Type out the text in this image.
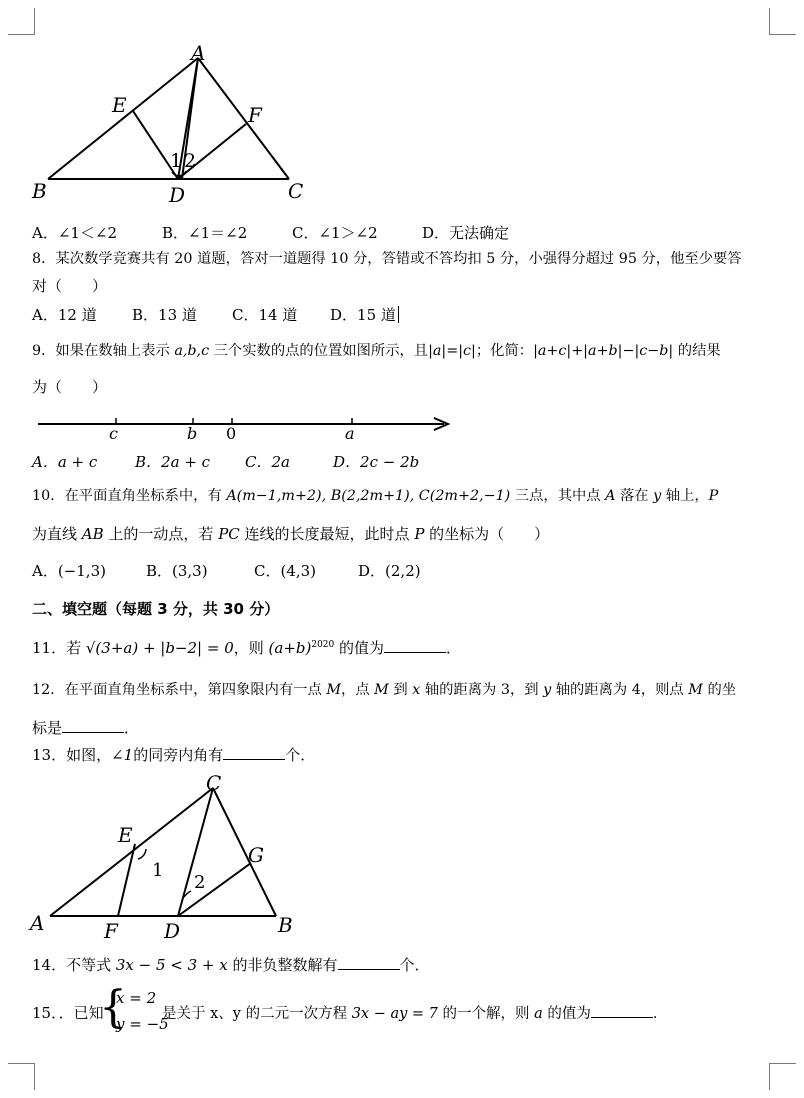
A
B	C
D
E	F
1 2
A．∠1＜∠2	B．∠1＝∠2	C．∠1＞∠2	D．无法确定
8．某次数学竞赛共有 20 道题，答对一道题得 10 分，答错或不答均扣 5 分，小强得分超过 95 分，他至少要答
对（　　）
A．12 道 B．13 道 C．14 道 D．15 道
9．如果在数轴上表示 a,b,c 三个实数的点的位置如图所示，且|a|=|c|；化简：|a+c|+|a+b|−|c−b| 的结果
为（　　）
c	b 0	a
A．a + c	B．2a + c C．2a	D．2c − 2b
10．在平面直角坐标系中，有 A(m−1,m+2), B(2,2m+1), C(2m+2,−1) 三点，其中点 A 落在 y 轴上，P
为直线 AB 上的一动点，若 PC 连线的长度最短，此时点 P 的坐标为（　　）
A．(−1,3)	B．(3,3)	C．(4,3)	D．(2,2)
二、填空题（每题 3 分，共 30 分）
11．若 √(3+a) + |b−2| = 0，则 $(a+b)^{2020}$ 的值为	．
12．在平面直角坐标系中，第四象限内有一点 M，点 M 到 x 轴的距离为 3，到 y 轴的距离为 4，则点 M 的坐
标是	．
13．如图，∠1的同旁内角有	个．
A	B
C
D
E
F
G
1
2
14．不等式 3x − 5 < 3 + x 的非负整数解有	个．
15．．已知
{
x = 2
y = −5
是关于 x、y 的二元一次方程 3x − ay = 7 的一个解，则 a 的值为	．
